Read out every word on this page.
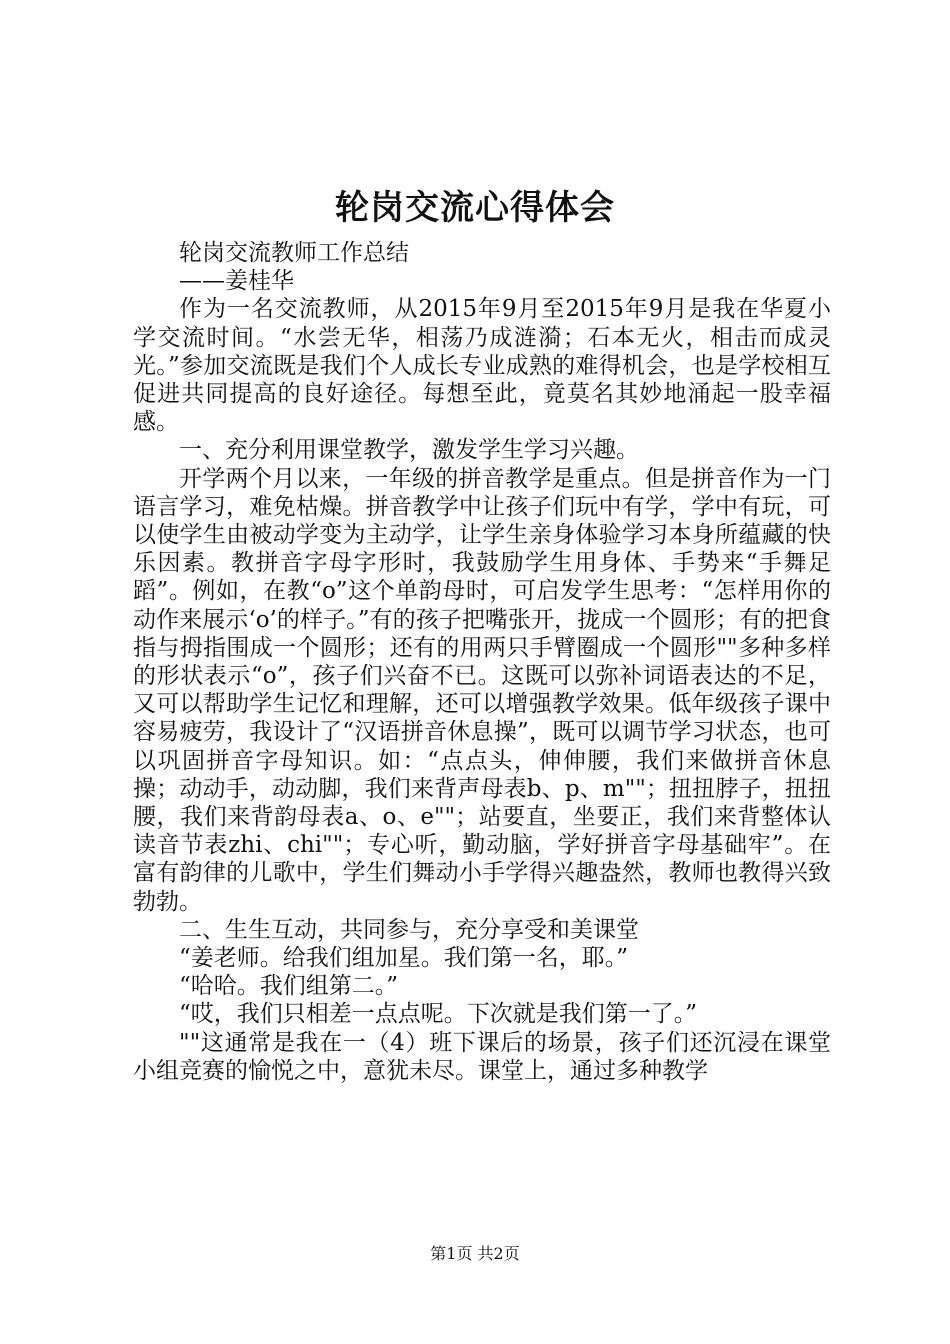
轮岗交流心得体会

轮岗交流教师工作总结

——姜桂华

作为一名交流教师，从2015年9月至2015年9月是我在华夏小学交流时间。“水尝无华，相荡乃成涟漪；石本无火，相击而成灵光。”参加交流既是我们个人成长专业成熟的难得机会，也是学校相互促进共同提高的良好途径。每想至此，竟莫名其妙地涌起一股幸福感。

一、充分利用课堂教学，激发学生学习兴趣。

开学两个月以来，一年级的拼音教学是重点。但是拼音作为一门语言学习，难免枯燥。拼音教学中让孩子们玩中有学，学中有玩，可以使学生由被动学变为主动学，让学生亲身体验学习本身所蕴藏的快乐因素。教拼音字母字形时，我鼓励学生用身体、手势来“手舞足蹈”。例如，在教“o”这个单韵母时，可启发学生思考：“怎样用你的动作来展示‘o’的样子。”有的孩子把嘴张开，拢成一个圆形；有的把食指与拇指围成一个圆形；还有的用两只手臂圈成一个圆形""多种多样的形状表示“o”，孩子们兴奋不已。这既可以弥补词语表达的不足，又可以帮助学生记忆和理解，还可以增强教学效果。低年级孩子课中容易疲劳，我设计了“汉语拼音休息操”，既可以调节学习状态，也可以巩固拼音字母知识。如：“点点头，伸伸腰，我们来做拼音休息操；动动手，动动脚，我们来背声母表b、p、m""；扭扭脖子，扭扭腰，我们来背韵母表a、o、e""；站要直，坐要正，我们来背整体认读音节表zhi、chi""；专心听，勤动脑，学好拼音字母基础牢”。在富有韵律的儿歌中，学生们舞动小手学得兴趣盎然，教师也教得兴致勃勃。

二、生生互动，共同参与，充分享受和美课堂

“姜老师。给我们组加星。我们第一名，耶。”

“哈哈。我们组第二。”

“哎，我们只相差一点点呢。下次就是我们第一了。”

""这通常是我在一（4）班下课后的场景，孩子们还沉浸在课堂小组竞赛的愉悦之中，意犹未尽。课堂上，通过多种教学

第1页 共2页
